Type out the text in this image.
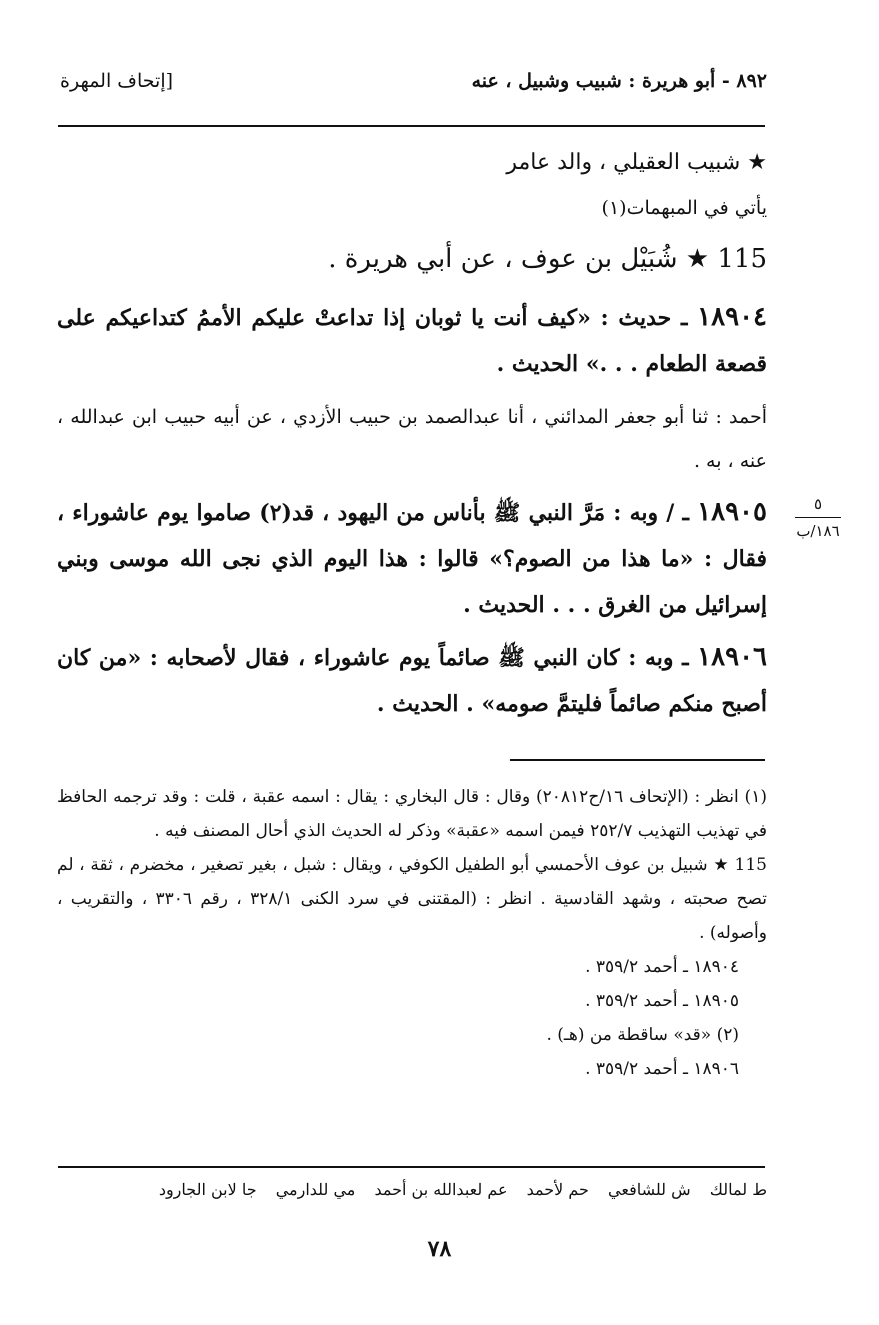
[إتحاف المهرة	٨٩٢ - أبو هريرة : شبيب وشبيل ، عنه

★ شبيب العقيلي ، والد عامر

يأتي في المبهمات(١)

115 ★ شُبَيْل بن عوف ، عن أبي هريرة .

١٨٩٠٤ ـ حديث : «كيف أنت يا ثوبان إذا تداعتْ عليكم الأممُ كتداعيكم على قصعة الطعام . . .» الحديث .

أحمد : ثنا أبو جعفر المدائني ، أنا عبدالصمد بن حبيب الأزدي ، عن أبيه حبيب ابن عبدالله ، عنه ، به .

١٨٩٠٥ ـ / وبه : مَرَّ النبي ﷺ بأناس من اليهود ، قد(٢) صاموا يوم عاشوراء ، فقال : «ما هذا من الصوم؟» قالوا : هذا اليوم الذي نجى الله موسى وبني إسرائيل من الغرق . . . الحديث .

١٨٩٠٦ ـ وبه : كان النبي ﷺ صائماً يوم عاشوراء ، فقال لأصحابه : «من كان أصبح منكم صائماً فليتمَّ صومه» . الحديث .

٥
١٨٦/ب

(١) انظر : (الإتحاف ١٦/ح٢٠٨١٢) وقال : قال البخاري : يقال : اسمه عقبة ، قلت : وقد ترجمه الحافظ في تهذيب التهذيب ٢٥٢/٧ فيمن اسمه «عقبة» وذكر له الحديث الذي أحال المصنف فيه .

115 ★ شبيل بن عوف الأحمسي أبو الطفيل الكوفي ، ويقال : شبل ، بغير تصغير ، مخضرم ، ثقة ، لم تصح صحبته ، وشهد القادسية . انظر : (المقتنى في سرد الكنى ٣٢٨/١ ، رقم ٣٣٠٦ ، والتقريب ، وأصوله) .

١٨٩٠٤ ـ أحمد ٣٥٩/٢ .

١٨٩٠٥ ـ أحمد ٣٥٩/٢ .

(٢) «قد» ساقطة من (هـ) .

١٨٩٠٦ ـ أحمد ٣٥٩/٢ .

ط لمالك ش للشافعي حم لأحمد عم لعبدالله بن أحمد مي للدارمي جا لابن الجارود
٧٨
